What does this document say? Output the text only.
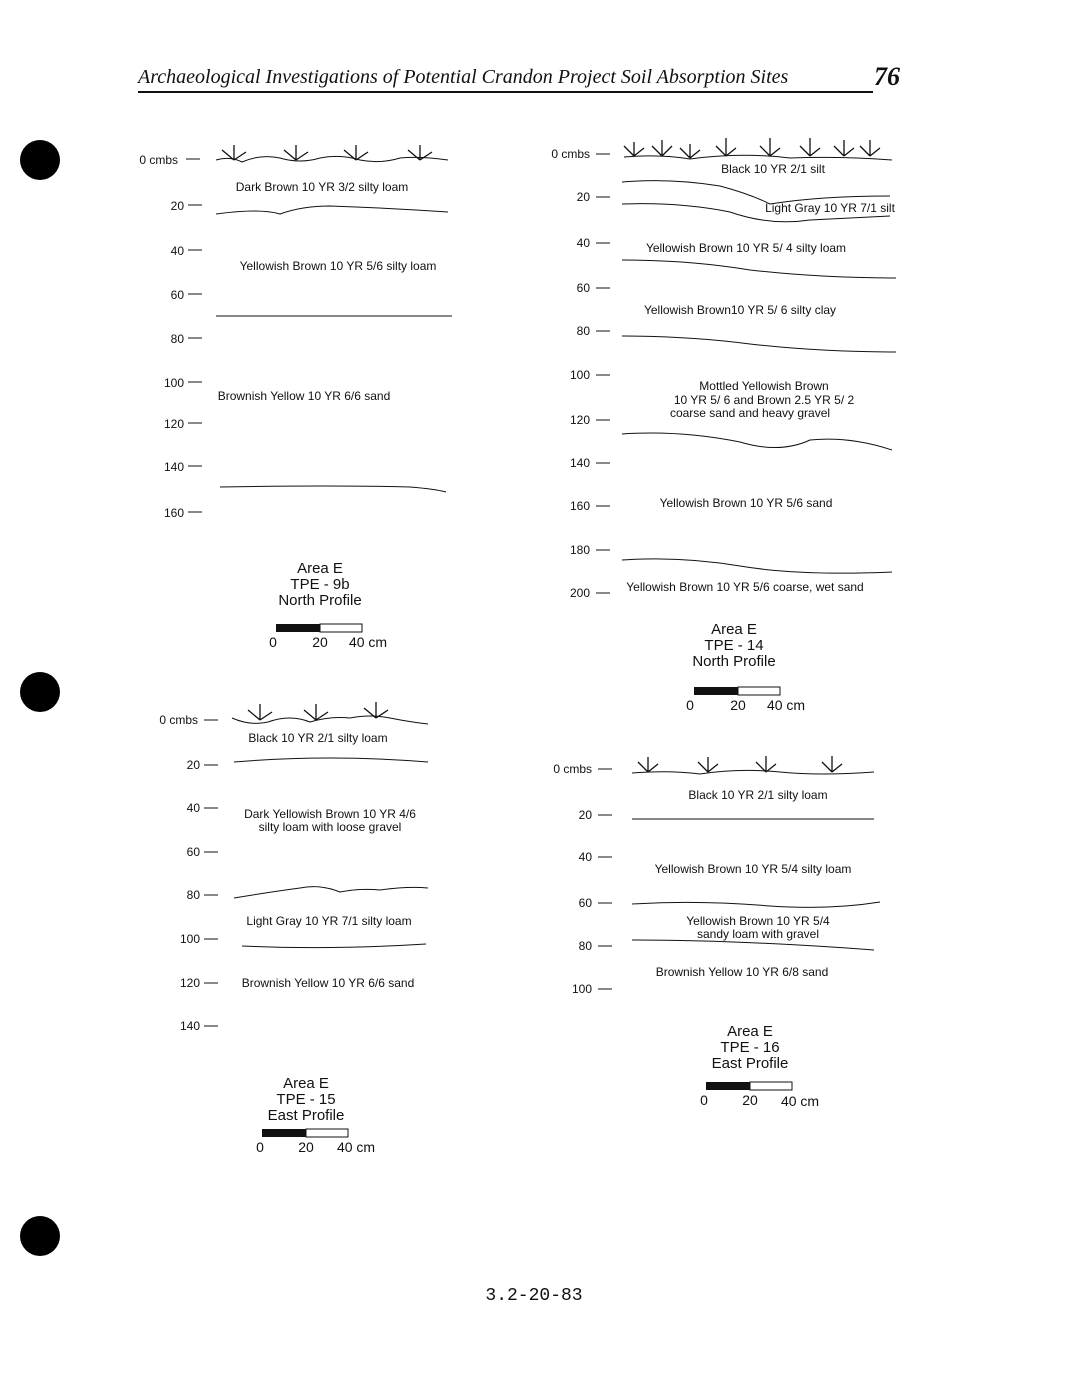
Archaeological Investigations of Potential Crandon Project Soil Absorption Sites	76
0 cmbs
20
40
60
80
100
120
140
160
Dark Brown 10 YR 3/2 silty loam
Yellowish Brown 10 YR 5/6 silty loam
Brownish Yellow 10 YR 6/6 sand
Area E
TPE - 9b
North Profile
0	20 40 cm
0 cmbs
20
40
60
80
100
120
140
160
180
200
Black 10 YR 2/1 silt
Light Gray 10 YR 7/1 silt
Yellowish Brown 10 YR 5/ 4 silty loam
Yellowish Brown10 YR 5/ 6 silty clay
Mottled Yellowish Brown
10 YR 5/ 6 and Brown 2.5 YR 5/ 2
coarse sand and heavy gravel
Yellowish Brown 10 YR 5/6 sand
Yellowish Brown 10 YR 5/6 coarse, wet sand
Area E
TPE - 14
North Profile
0	20 40 cm
0 cmbs
20
40
60
80
100
120
140
Black 10 YR 2/1 silty loam
Dark Yellowish Brown 10 YR 4/6
silty loam with loose gravel
Light Gray 10 YR 7/1 silty loam
Brownish Yellow 10 YR 6/6 sand
Area E
TPE - 15
East Profile
0 20 40 cm
0 cmbs
20
40
60
80
100
Black 10 YR 2/1 silty loam
Yellowish Brown 10 YR 5/4 silty loam
Yellowish Brown 10 YR 5/4
sandy loam with gravel
Brownish Yellow 10 YR 6/8 sand
Area E
TPE - 16
East Profile
0 20 40 cm
3.2-20-83
